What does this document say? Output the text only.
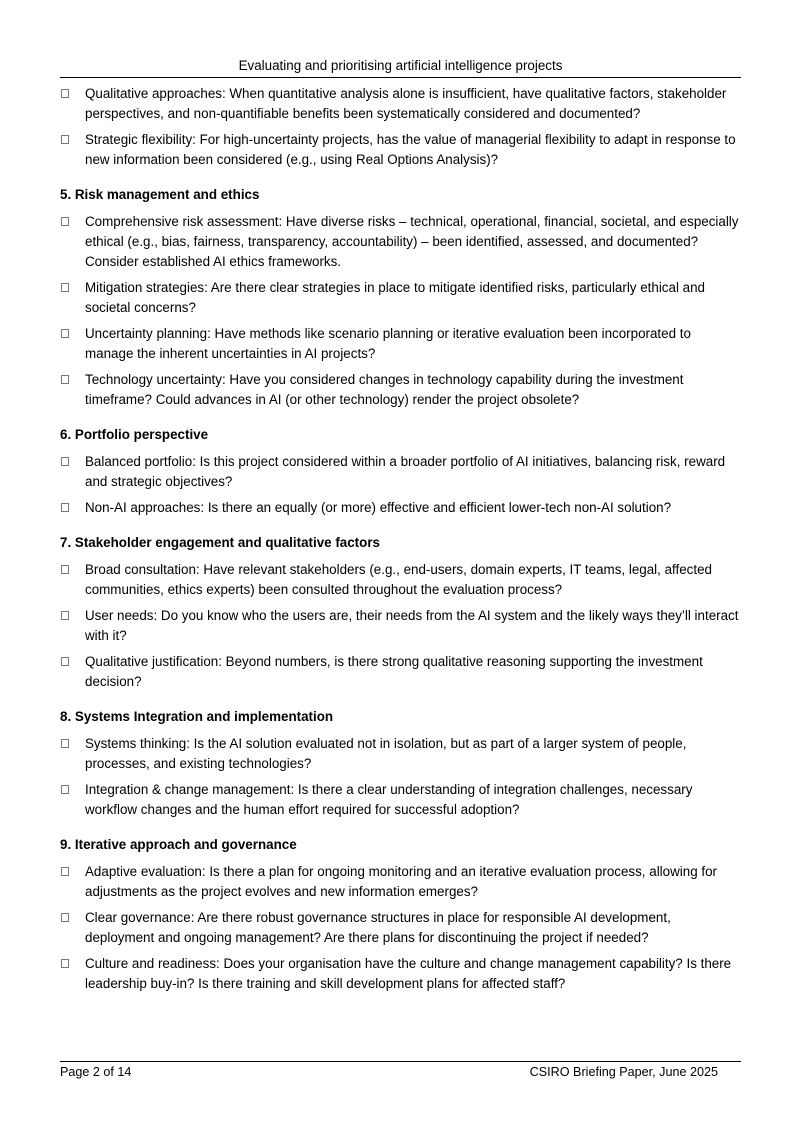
Evaluating and prioritising artificial intelligence projects
Qualitative approaches: When quantitative analysis alone is insufficient, have qualitative factors, stakeholder perspectives, and non-quantifiable benefits been systematically considered and documented?
Strategic flexibility: For high-uncertainty projects, has the value of managerial flexibility to adapt in response to new information been considered (e.g., using Real Options Analysis)?
5. Risk management and ethics
Comprehensive risk assessment: Have diverse risks – technical, operational, financial, societal, and especially ethical (e.g., bias, fairness, transparency, accountability) – been identified, assessed, and documented? Consider established AI ethics frameworks.
Mitigation strategies: Are there clear strategies in place to mitigate identified risks, particularly ethical and societal concerns?
Uncertainty planning: Have methods like scenario planning or iterative evaluation been incorporated to manage the inherent uncertainties in AI projects?
Technology uncertainty: Have you considered changes in technology capability during the investment timeframe? Could advances in AI (or other technology) render the project obsolete?
6. Portfolio perspective
Balanced portfolio: Is this project considered within a broader portfolio of AI initiatives, balancing risk, reward and strategic objectives?
Non-AI approaches: Is there an equally (or more) effective and efficient lower-tech non-AI solution?
7. Stakeholder engagement and qualitative factors
Broad consultation: Have relevant stakeholders (e.g., end-users, domain experts, IT teams, legal, affected communities, ethics experts) been consulted throughout the evaluation process?
User needs: Do you know who the users are, their needs from the AI system and the likely ways they’ll interact with it?
Qualitative justification: Beyond numbers, is there strong qualitative reasoning supporting the investment decision?
8. Systems Integration and implementation
Systems thinking: Is the AI solution evaluated not in isolation, but as part of a larger system of people, processes, and existing technologies?
Integration & change management: Is there a clear understanding of integration challenges, necessary workflow changes and the human effort required for successful adoption?
9. Iterative approach and governance
Adaptive evaluation: Is there a plan for ongoing monitoring and an iterative evaluation process, allowing for adjustments as the project evolves and new information emerges?
Clear governance: Are there robust governance structures in place for responsible AI development, deployment and ongoing management? Are there plans for discontinuing the project if needed?
Culture and readiness: Does your organisation have the culture and change management capability? Is there leadership buy-in? Is there training and skill development plans for affected staff?
Page 2 of 14	CSIRO Briefing Paper, June 2025
